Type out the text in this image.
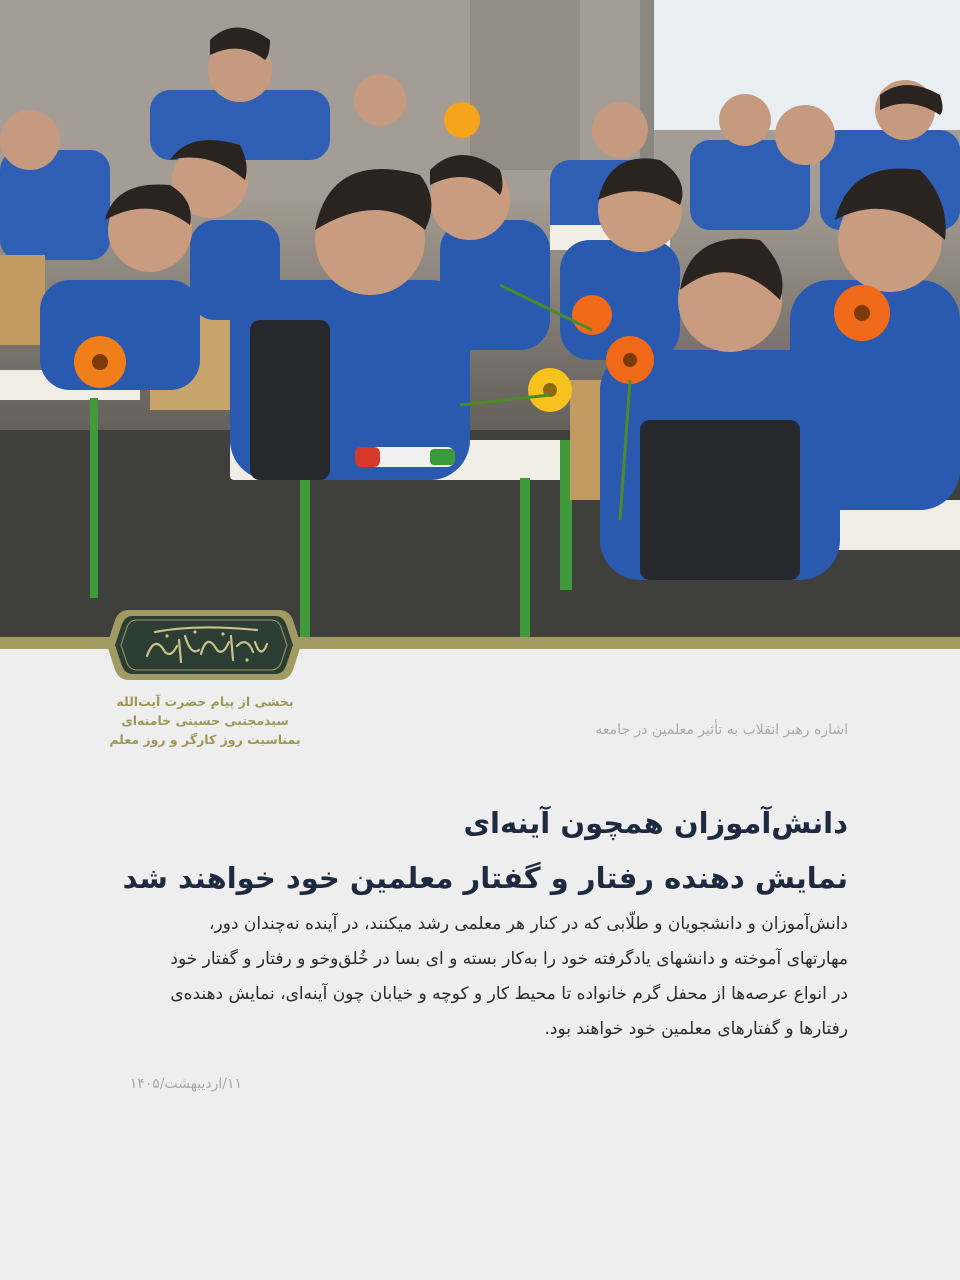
بخشی از پیام حضرت آیت‌الله
سیدمجتبی حسینی خامنه‌ای
بمناسبت روز کارگر و روز معلم
اشاره رهبر انقلاب به تأثیر معلمین در جامعه
دانش‌آموزان همچون آینه‌ای
نمایش دهنده رفتار و گفتار معلمین خود خواهند شد
دانش‌آموزان و دانشجویان و طلّابی که در کنار هر معلمی رشد میکنند، در آینده نه‌چندان دور،
مهارتهای آموخته و دانشهای یادگرفته خود را به‌کار بسته و ای بسا در خُلق‌وخو و رفتار و گفتار خود
در انواع عرصه‌ها از محفل گرم خانواده تا محیط کار و کوچه و خیابان چون آینه‌ای، نمایش دهنده‌ی
رفتارها و گفتارهای معلمین خود خواهند بود.
۱۱/اردیبهشت/۱۴۰۵
